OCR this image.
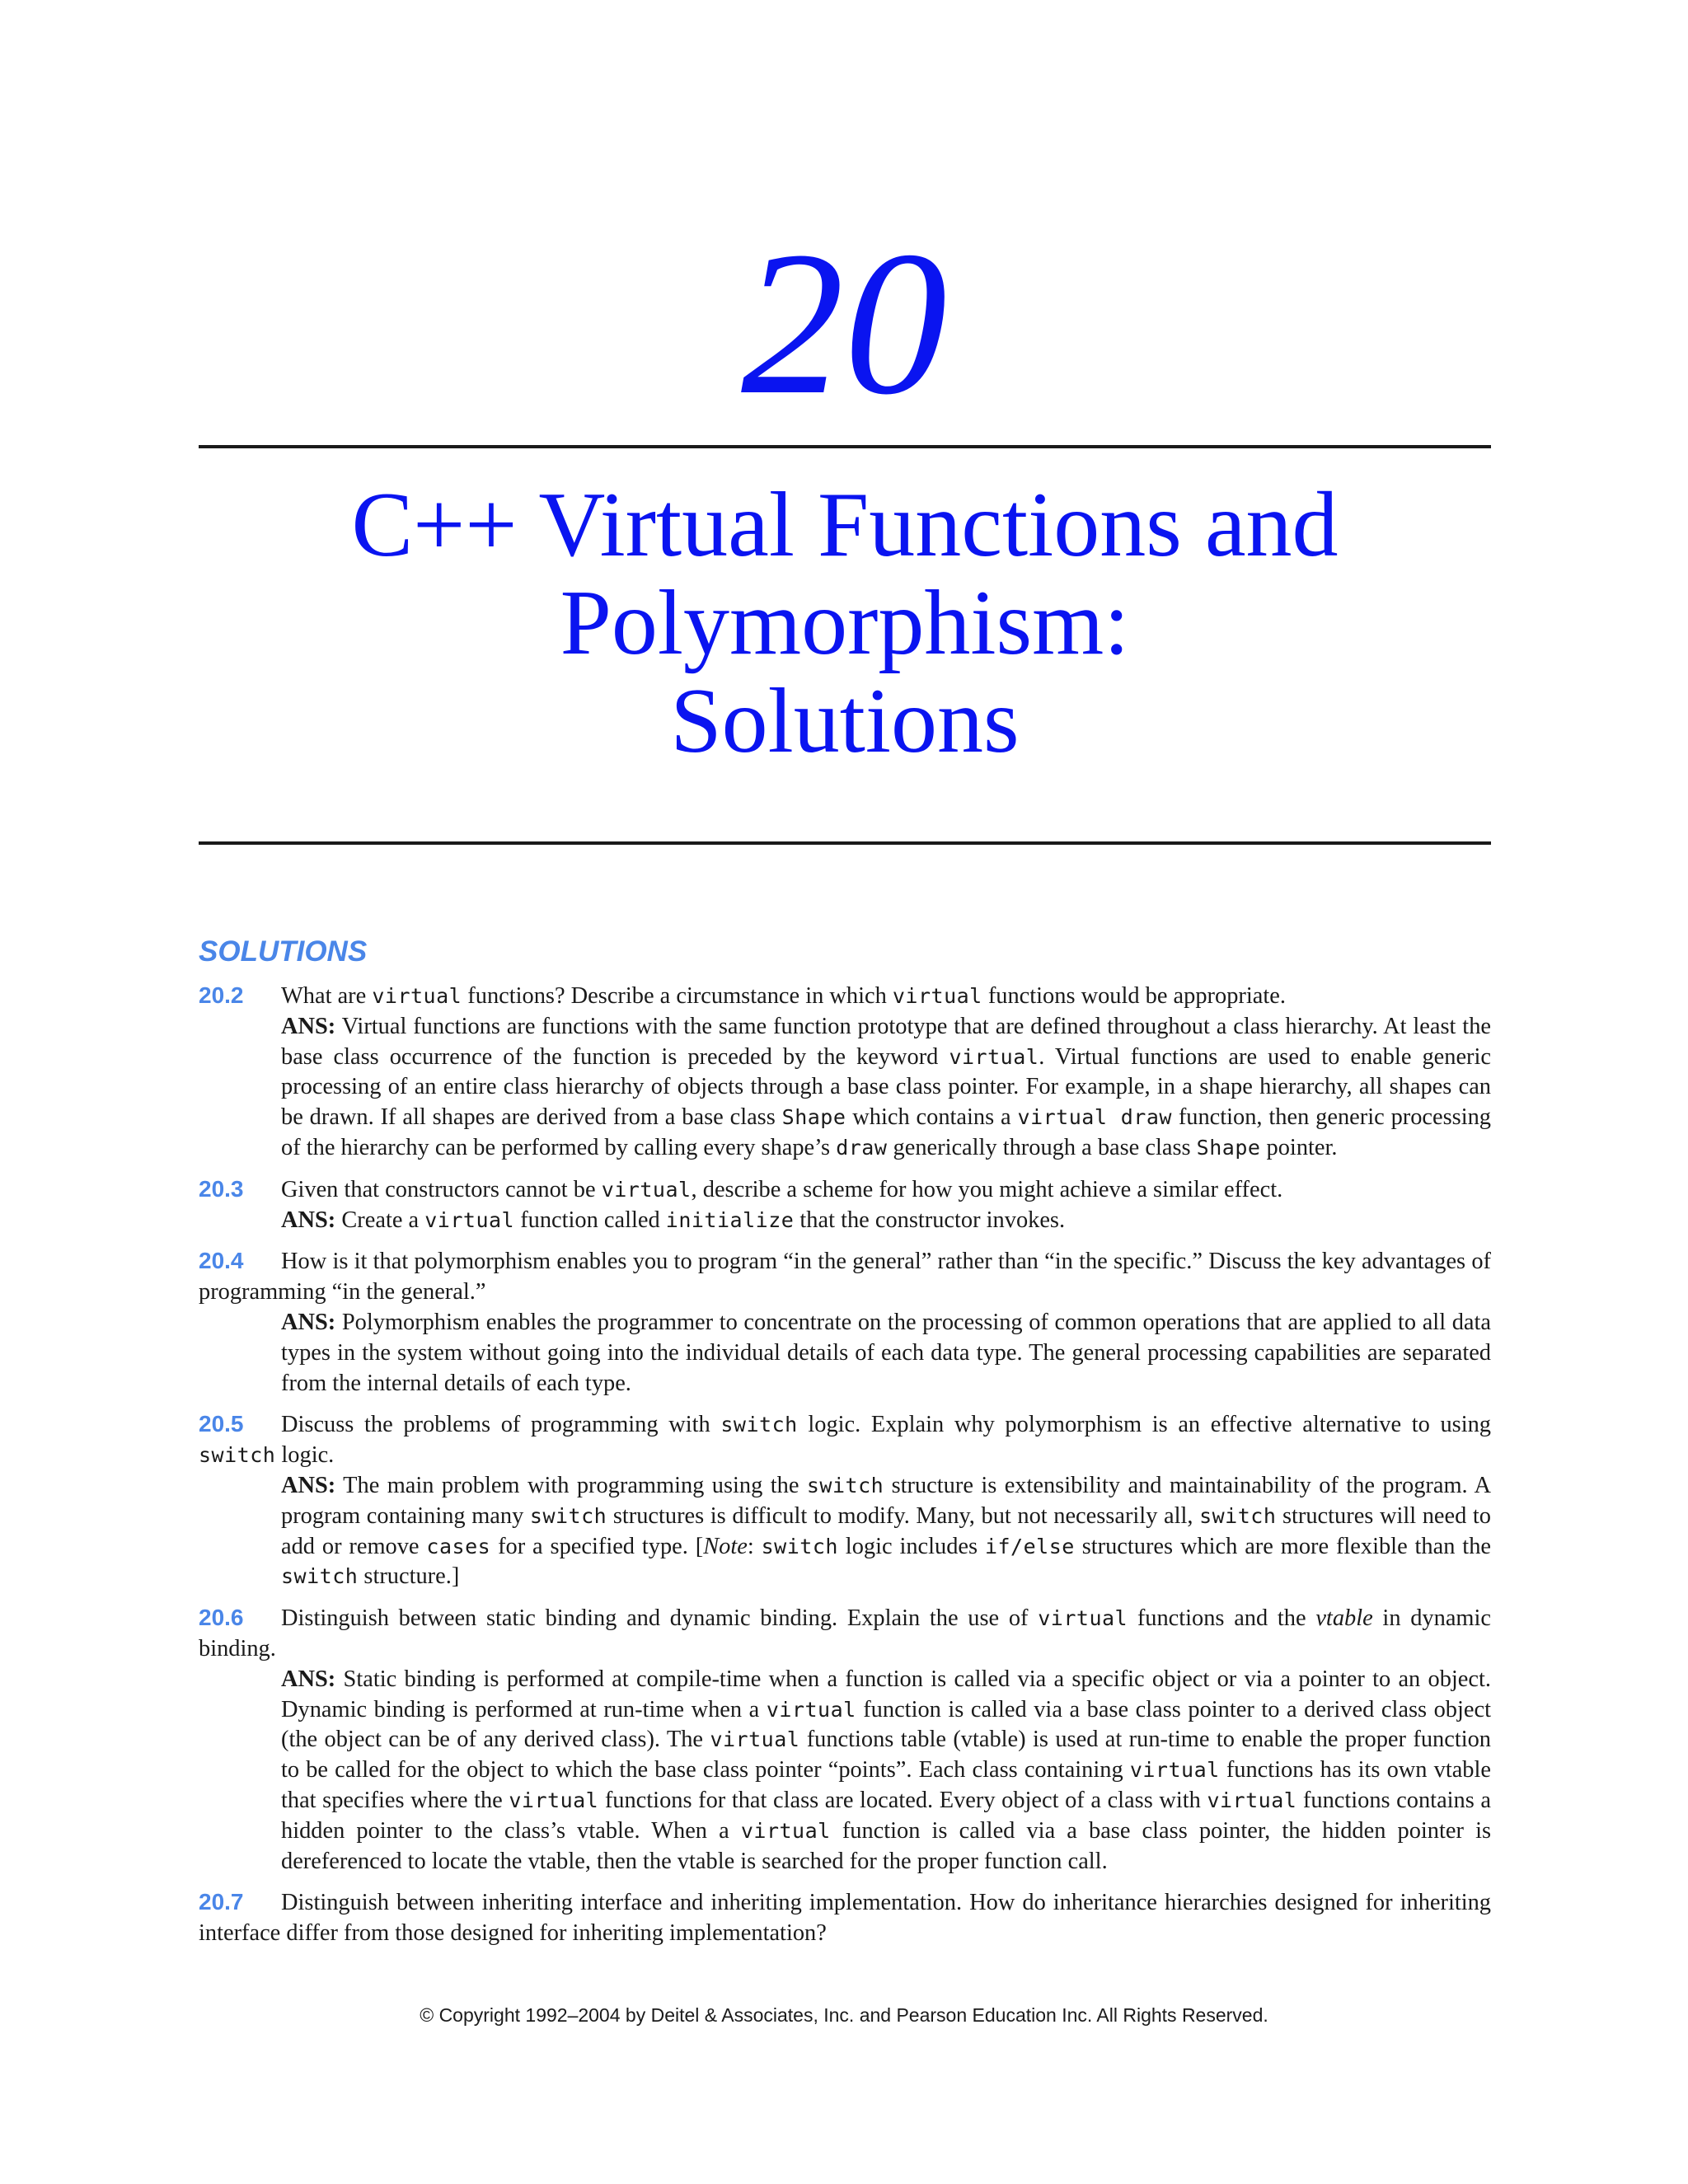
20
C++ Virtual Functions and
Polymorphism:
Solutions
SOLUTIONS
20.2 What are virtual functions? Describe a circumstance in which virtual functions would be appropriate.
ANS: Virtual functions are functions with the same function prototype that are defined throughout a class hierarchy. At least the base class occurrence of the function is preceded by the keyword virtual. Virtual functions are used to enable generic processing of an entire class hierarchy of objects through a base class pointer. For example, in a shape hierarchy, all shapes can be drawn. If all shapes are derived from a base class Shape which contains a virtual draw function, then generic processing of the hierarchy can be performed by calling every shape’s draw generically through a base class Shape pointer.
20.3 Given that constructors cannot be virtual, describe a scheme for how you might achieve a similar effect.
ANS: Create a virtual function called initialize that the constructor invokes.
20.4 How is it that polymorphism enables you to program “in the general” rather than “in the specific.” Discuss the key advantages of programming “in the general.”
ANS: Polymorphism enables the programmer to concentrate on the processing of common operations that are applied to all data types in the system without going into the individual details of each data type. The general processing capabilities are separated from the internal details of each type.
20.5 Discuss the problems of programming with switch logic. Explain why polymorphism is an effective alternative to using switch logic.
ANS: The main problem with programming using the switch structure is extensibility and maintainability of the program. A program containing many switch structures is difficult to modify. Many, but not necessarily all, switch structures will need to add or remove cases for a specified type. [Note: switch logic includes if/else structures which are more flexible than the switch structure.]
20.6 Distinguish between static binding and dynamic binding. Explain the use of virtual functions and the vtable in dynamic binding.
ANS: Static binding is performed at compile-time when a function is called via a specific object or via a pointer to an object. Dynamic binding is performed at run-time when a virtual function is called via a base class pointer to a derived class object (the object can be of any derived class). The virtual functions table (vtable) is used at run-time to enable the proper function to be called for the object to which the base class pointer “points”. Each class containing virtual functions has its own vtable that specifies where the virtual functions for that class are located. Every object of a class with virtual functions contains a hidden pointer to the class’s vtable. When a virtual function is called via a base class pointer, the hidden pointer is dereferenced to locate the vtable, then the vtable is searched for the proper function call.
20.7 Distinguish between inheriting interface and inheriting implementation. How do inheritance hierarchies designed for inheriting interface differ from those designed for inheriting implementation?
© Copyright 1992–2004 by Deitel & Associates, Inc. and Pearson Education Inc. All Rights Reserved.
